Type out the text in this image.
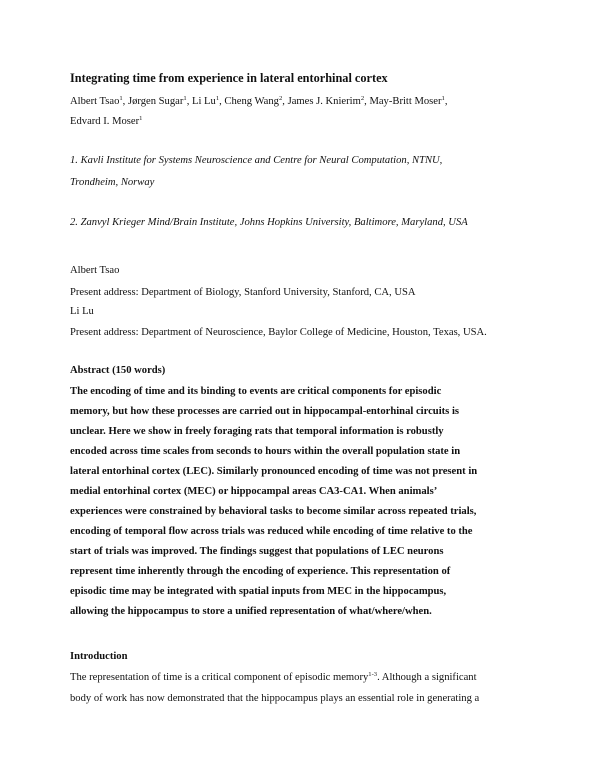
Integrating time from experience in lateral entorhinal cortex
Albert Tsao$^1$, Jørgen Sugar$^1$, Li Lu$^1$, Cheng Wang$^2$, James J. Knierim$^2$, May-Britt Moser$^1$,
Edvard I. Moser$^1$
1. Kavli Institute for Systems Neuroscience and Centre for Neural Computation, NTNU,
Trondheim, Norway
2. Zanvyl Krieger Mind/Brain Institute, Johns Hopkins University, Baltimore, Maryland, USA
Albert Tsao
Present address: Department of Biology, Stanford University, Stanford, CA, USA
Li Lu
Present address: Department of Neuroscience, Baylor College of Medicine, Houston, Texas, USA.
Abstract (150 words)
The encoding of time and its binding to events are critical components for episodic
memory, but how these processes are carried out in hippocampal-entorhinal circuits is
unclear. Here we show in freely foraging rats that temporal information is robustly
encoded across time scales from seconds to hours within the overall population state in
lateral entorhinal cortex (LEC). Similarly pronounced encoding of time was not present in
medial entorhinal cortex (MEC) or hippocampal areas CA3-CA1. When animals’
experiences were constrained by behavioral tasks to become similar across repeated trials,
encoding of temporal flow across trials was reduced while encoding of time relative to the
start of trials was improved. The findings suggest that populations of LEC neurons
represent time inherently through the encoding of experience. This representation of
episodic time may be integrated with spatial inputs from MEC in the hippocampus,
allowing the hippocampus to store a unified representation of what/where/when.
Introduction
The representation of time is a critical component of episodic memory$^{1-3}$. Although a significant
body of work has now demonstrated that the hippocampus plays an essential role in generating a
